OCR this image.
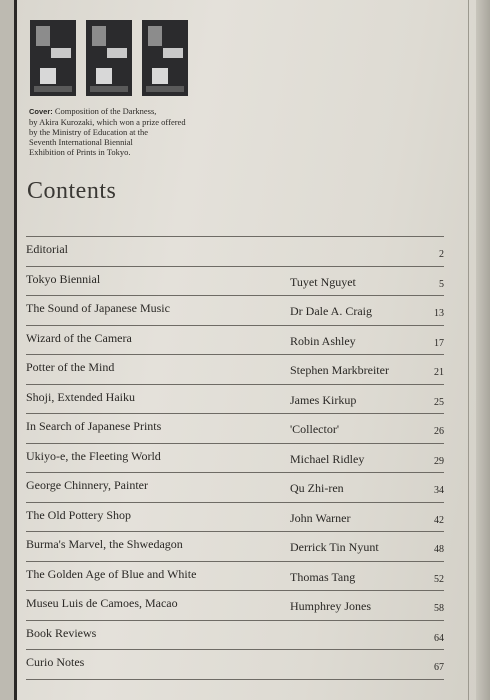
Cover: Composition of the Darkness,
by Akira Kurozaki, which won a prize offered
by the Ministry of Education at the
Seventh International Biennial
Exhibition of Prints in Tokyo.
Contents
Editorial	2
Tokyo Biennial	Tuyet Nguyet	5
The Sound of Japanese Music	Dr Dale A. Craig	13
Wizard of the Camera	Robin Ashley	17
Potter of the Mind	Stephen Markbreiter	21
Shoji, Extended Haiku	James Kirkup	25
In Search of Japanese Prints	'Collector'	26
Ukiyo-e, the Fleeting World	Michael Ridley	29
George Chinnery, Painter	Qu Zhi-ren	34
The Old Pottery Shop	John Warner	42
Burma's Marvel, the Shwedagon	Derrick Tin Nyunt	48
The Golden Age of Blue and White	Thomas Tang	52
Museu Luis de Camoes, Macao	Humphrey Jones	58
Book Reviews	64
Curio Notes	67
